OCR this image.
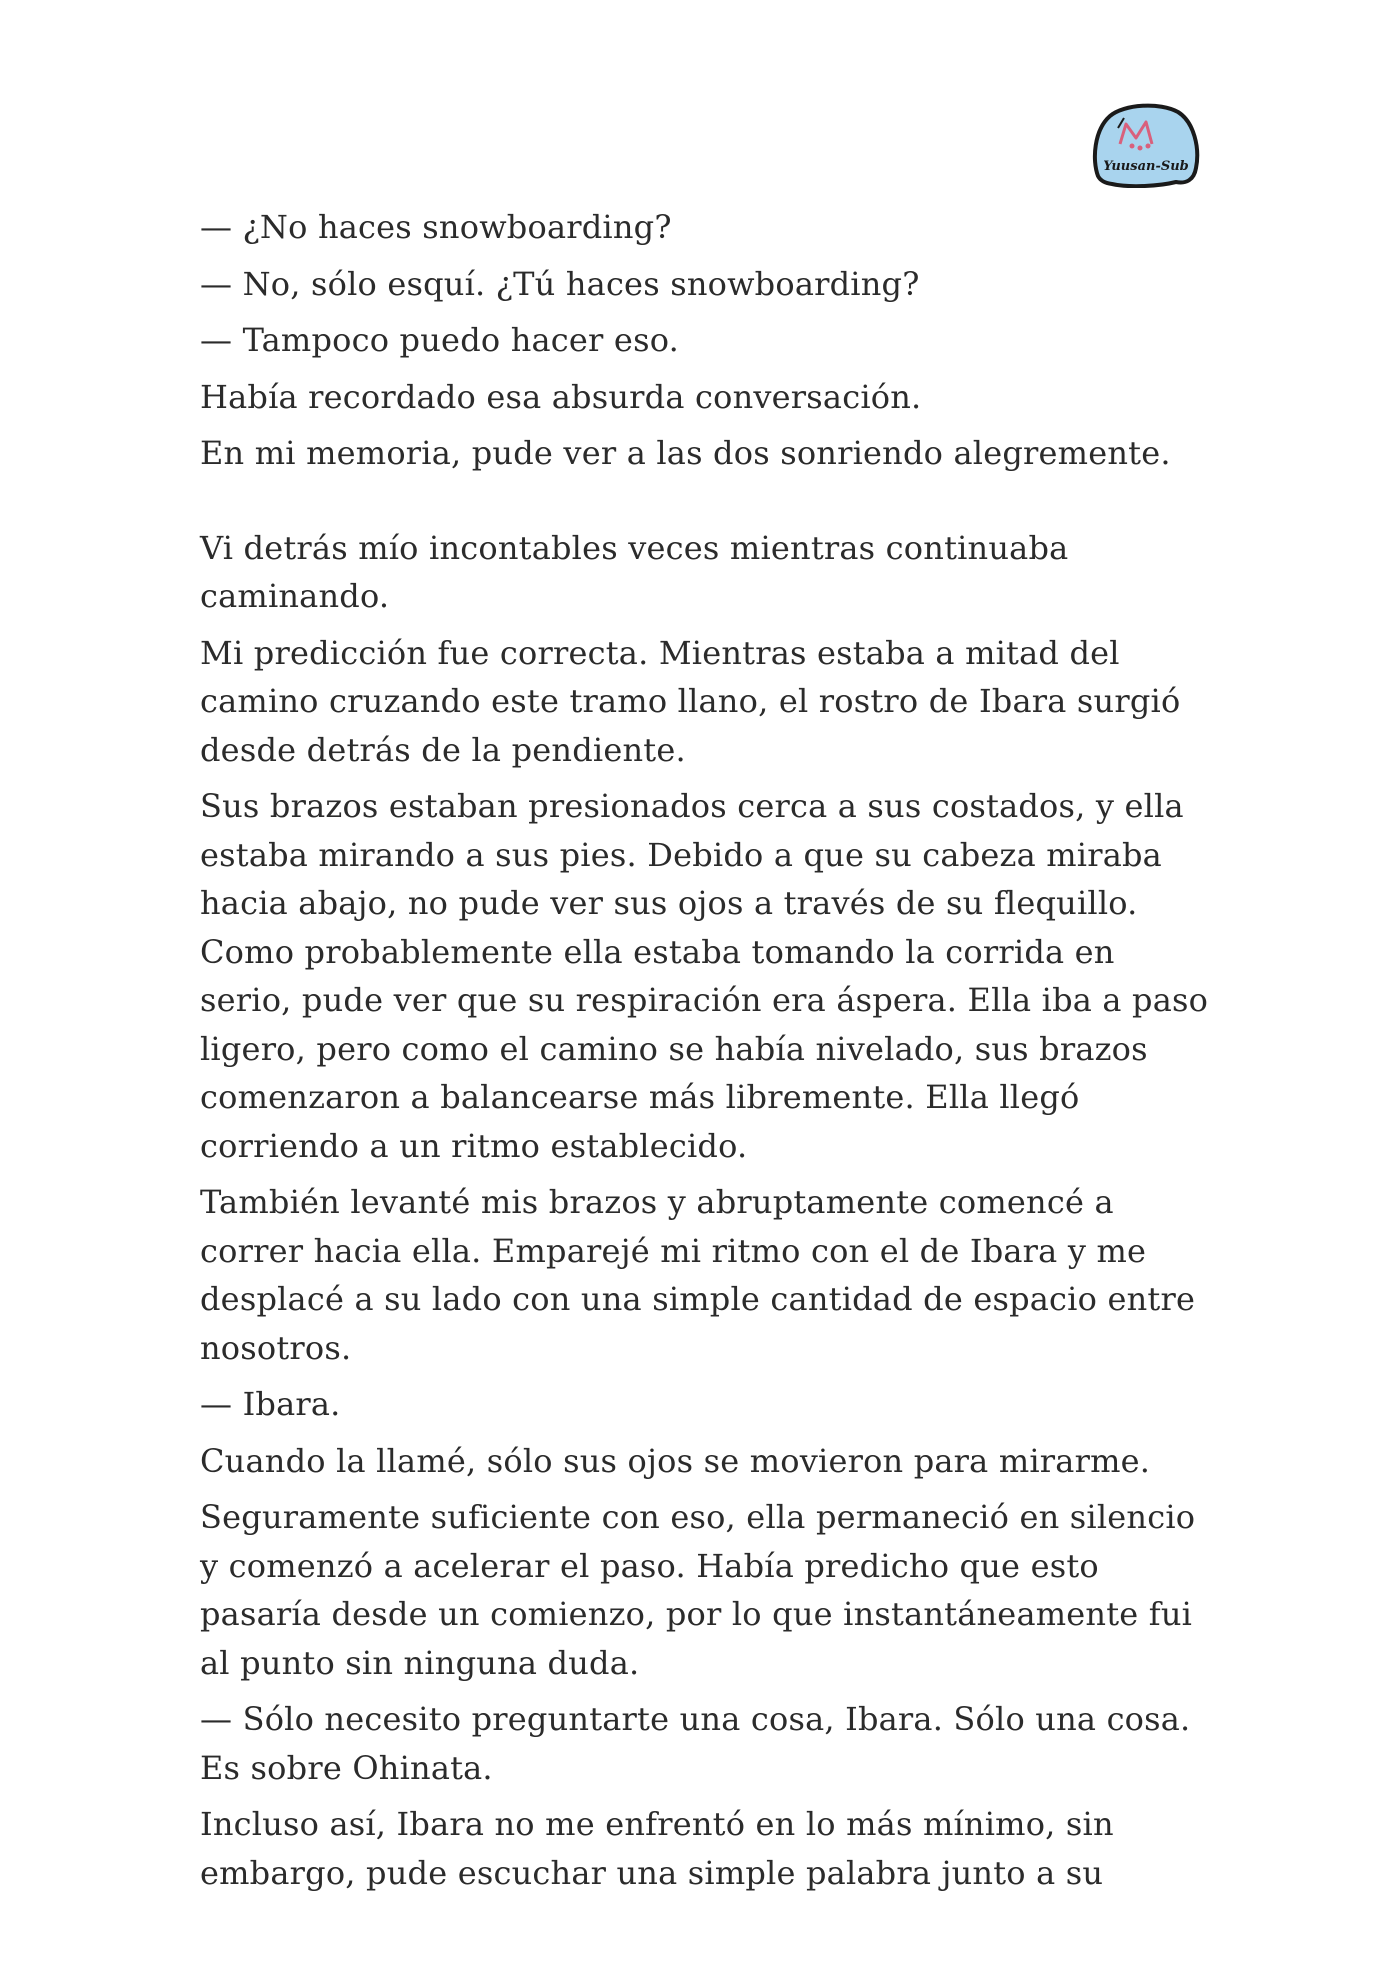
Yuusan-Sub

— ¿No haces snowboarding?

— No, sólo esquí. ¿Tú haces snowboarding?

— Tampoco puedo hacer eso.

Había recordado esa absurda conversación.

En mi memoria, pude ver a las dos sonriendo alegremente.

Vi detrás mío incontables veces mientras continuaba caminando.

Mi predicción fue correcta. Mientras estaba a mitad del camino cruzando este tramo llano, el rostro de Ibara surgió desde detrás de la pendiente.

Sus brazos estaban presionados cerca a sus costados, y ella estaba mirando a sus pies. Debido a que su cabeza miraba hacia abajo, no pude ver sus ojos a través de su flequillo. Como probablemente ella estaba tomando la corrida en serio, pude ver que su respiración era áspera. Ella iba a paso ligero, pero como el camino se había nivelado, sus brazos comenzaron a balancearse más libremente. Ella llegó corriendo a un ritmo establecido.

También levanté mis brazos y abruptamente comencé a correr hacia ella. Emparejé mi ritmo con el de Ibara y me desplacé a su lado con una simple cantidad de espacio entre nosotros.

— Ibara.

Cuando la llamé, sólo sus ojos se movieron para mirarme.

Seguramente suficiente con eso, ella permaneció en silencio y comenzó a acelerar el paso. Había predicho que esto pasaría desde un comienzo, por lo que instantáneamente fui al punto sin ninguna duda.

— Sólo necesito preguntarte una cosa, Ibara. Sólo una cosa. Es sobre Ohinata.

Incluso así, Ibara no me enfrentó en lo más mínimo, sin embargo, pude escuchar una simple palabra junto a su
